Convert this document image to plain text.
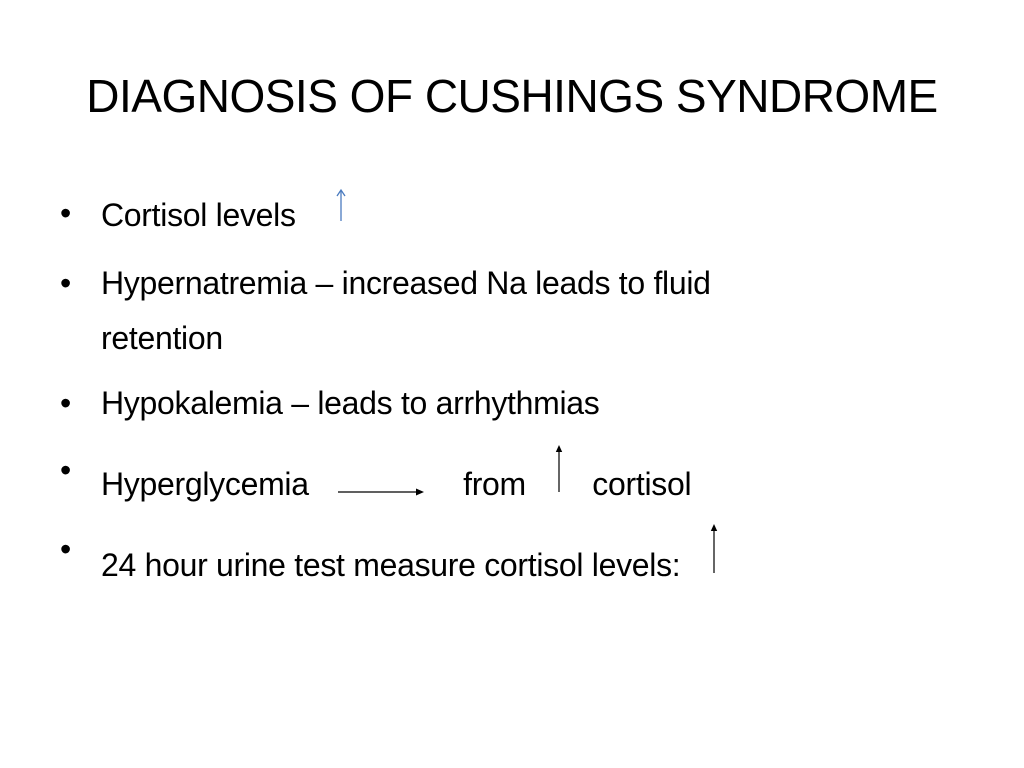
DIAGNOSIS OF CUSHINGS SYNDROME
• Cortisol levels
• Hypernatremia – increased Na leads to fluid
retention
• Hypokalemia – leads to arrhythmias
• Hyperglycemia	from cortisol
• 24 hour urine test measure cortisol levels:
